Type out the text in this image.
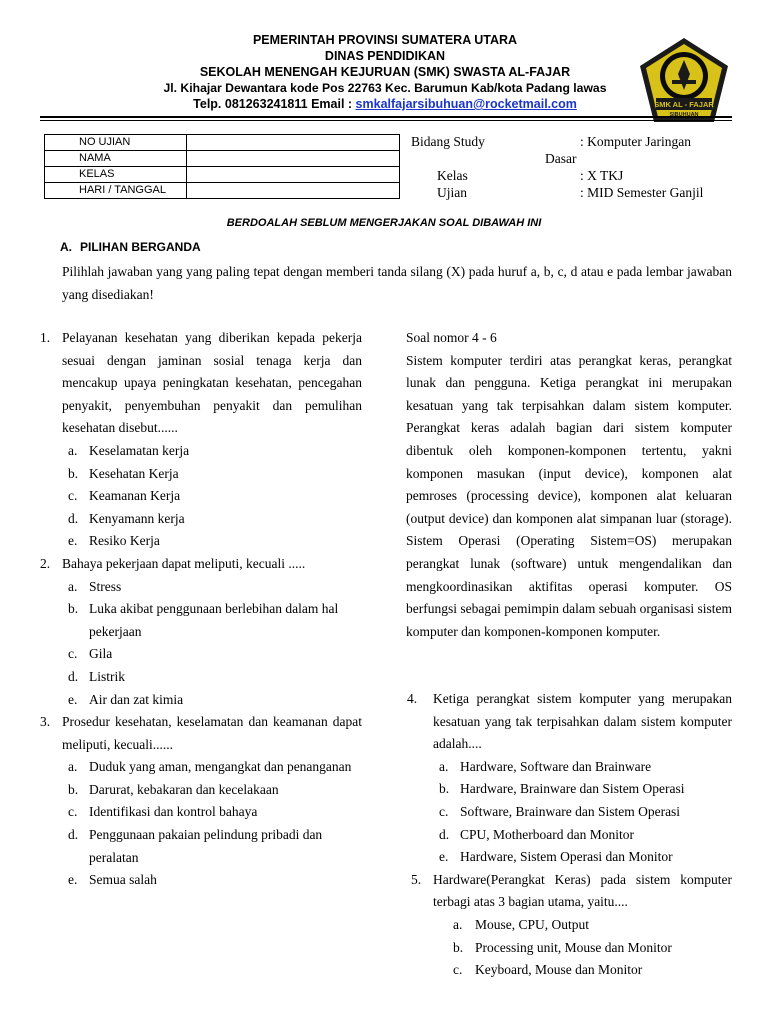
PEMERINTAH PROVINSI SUMATERA UTARA
DINAS PENDIDIKAN
SEKOLAH MENENGAH KEJURUAN (SMK) SWASTA AL-FAJAR
Jl. Kihajar Dewantara kode Pos 22763 Kec. Barumun Kab/kota Padang lawas
Telp. 081263241811 Email : smkalfajarsibuhuan@rocketmail.com	SMK AL - FAJAR
SIBUHUAN
NO UJIAN	
NAMA	
KELAS	
HARI / TANGGAL	
Bidang Study	: Komputer Jaringan
Dasar
Kelas	: X TKJ
Ujian	: MID Semester Ganjil
BERDOALAH SEBLUM MENGERJAKAN SOAL DIBAWAH INI
A. PILIHAN BERGANDA
Pilihlah jawaban yang yang paling tepat dengan memberi tanda silang (X) pada huruf a, b, c, d atau e pada lembar jawaban yang disediakan!
1. Pelayanan kesehatan yang diberikan kepada pekerja sesuai dengan jaminan sosial tenaga kerja dan mencakup upaya peningkatan kesehatan, pencegahan penyakit, penyembuhan penyakit dan pemulihan kesehatan disebut......
a. Keselamatan kerja
b. Kesehatan Kerja
c. Keamanan Kerja
d. Kenyamann kerja
e. Resiko Kerja
2. Bahaya pekerjaan dapat meliputi, kecuali .....
a. Stress
b. Luka akibat penggunaan berlebihan dalam hal pekerjaan
c. Gila
d. Listrik
e. Air dan zat kimia
3. Prosedur kesehatan, keselamatan dan keamanan dapat meliputi, kecuali......
a. Duduk yang aman, mengangkat dan penanganan
b. Darurat, kebakaran dan kecelakaan
c. Identifikasi dan kontrol bahaya
d. Penggunaan pakaian pelindung pribadi dan peralatan
e. Semua salah
Soal nomor 4 - 6
Sistem komputer terdiri atas perangkat keras, perangkat lunak dan pengguna. Ketiga perangkat ini merupakan kesatuan yang tak terpisahkan dalam sistem komputer. Perangkat keras adalah bagian dari sistem komputer dibentuk oleh komponen-komponen tertentu, yakni komponen masukan (input device), komponen alat pemroses (processing device), komponen alat keluaran (output device) dan komponen alat simpanan luar (storage). Sistem Operasi (Operating Sistem=OS) merupakan perangkat lunak (software) untuk mengendalikan dan mengkoordinasikan aktifitas operasi komputer. OS berfungsi sebagai pemimpin dalam sebuah organisasi sistem komputer dan komponen-komponen komputer.
4. Ketiga perangkat sistem komputer yang merupakan kesatuan yang tak terpisahkan dalam sistem komputer adalah....
a. Hardware, Software dan Brainware
b. Hardware, Brainware dan Sistem Operasi
c. Software, Brainware dan Sistem Operasi
d. CPU, Motherboard dan Monitor
e. Hardware, Sistem Operasi dan Monitor
5. Hardware(Perangkat Keras) pada sistem komputer terbagi atas 3 bagian utama, yaitu....
a. Mouse, CPU, Output
b. Processing unit, Mouse dan Monitor
c. Keyboard, Mouse dan Monitor
